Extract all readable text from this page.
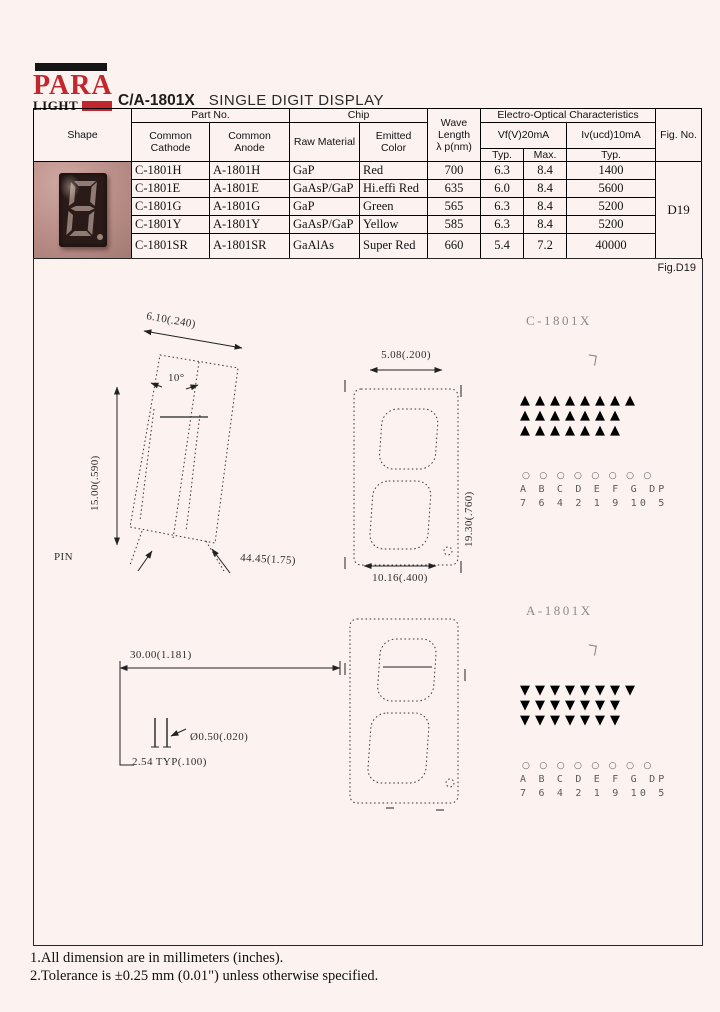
PARA
LIGHT	C/A-1801X SINGLE DIGIT DISPLAY
Shape	Part No.		Chip		Wave Length
λ p(nm)	Electro-Optical Characteristics			Fig. No.
	Common Cathode	Common Anode	Raw Material	Emitted Color		Vf(V)20mA		Iv(ucd)10mA	
						Typ.	Max.	Typ.	

	C-1801H	A-1801H	GaP	Red	700	6.3	8.4	1400	D19
	C-1801E	A-1801E	GaAsP/GaP	Hi.effi Red	635	6.0	8.4	5600	
	C-1801G	A-1801G	GaP	Green	565	6.3	8.4	5200	
	C-1801Y	A-1801Y	GaAsP/GaP	Yellow	585	6.3	8.4	5200	
	C-1801SR	A-1801SR	GaAlAs	Super Red	660	5.4	7.2	40000	
Fig.D19
6.10(.240)
10°
15.00(.590)
PIN	44.45(1.75)
5.08(.200)
10.16(.400)
19.30(.760)
30.00(1.181)
Ø0.50(.020)
2.54 TYP(.100)
C-1801X
▲▲▲▲▲▲▲▲
▲▲▲▲▲▲▲
▲▲▲▲▲▲▲
○○○○○○○○
A B C D E F G DP
7 6 4 2 1 9 10 5
A-1801X
▼▼▼▼▼▼▼▼
▼▼▼▼▼▼▼
▼▼▼▼▼▼▼
○○○○○○○○
A B C D E F G DP
7 6 4 2 1 9 10 5
1.All dimension are in millimeters (inches).
2.Tolerance is ±0.25 mm (0.01") unless otherwise specified.
